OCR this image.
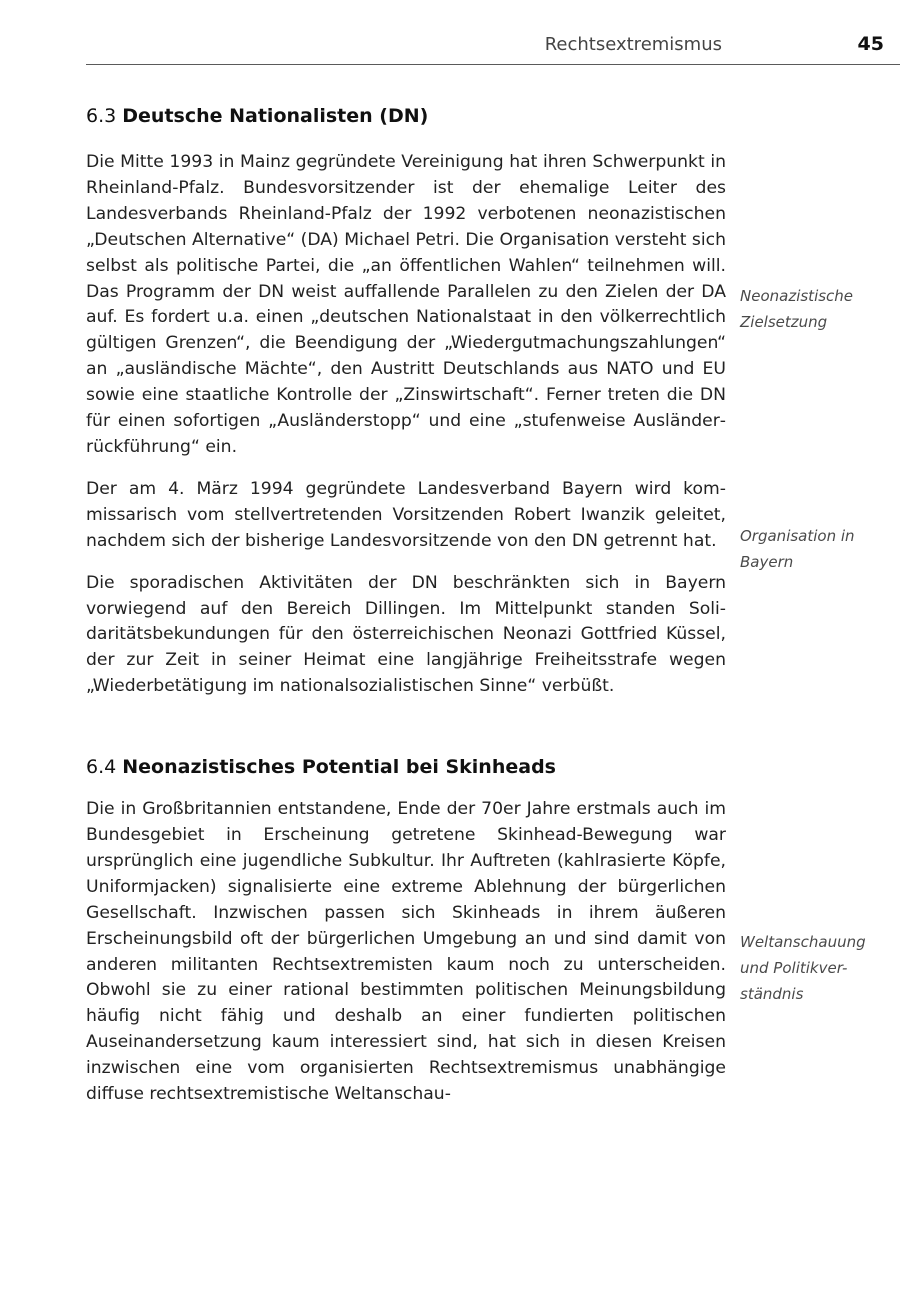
Rechtsextremismus	45
6.3 Deutsche Nationalisten (DN)

Die Mitte 1993 in Mainz gegründete Vereinigung hat ihren Schwerpunkt in Rheinland-Pfalz. Bundesvorsitzender ist der ehemalige Leiter des Landesverbands Rheinland-Pfalz der 1992 verbotenen neonazistischen „Deutschen Alternative“ (DA) Michael Petri. Die Organisation versteht sich selbst als politische Partei, die „an öffentlichen Wahlen“ teilnehmen will. Das Programm der DN weist auffallende Parallelen zu den Zielen der DA auf. Es fordert u.a. einen „deutschen Nationalstaat in den völkerrechtlich gültigen Grenzen“, die Beendigung der „Wiedergutmachungszahlungen“ an „ausländische Mächte“, den Austritt Deutschlands aus NATO und EU sowie eine staatliche Kontrolle der „Zinswirtschaft“. Ferner treten die DN für einen sofortigen „Ausländerstopp“ und eine „stufenweise Ausländerrückführung“ ein.

Der am 4. März 1994 gegründete Landesverband Bayern wird kommissarisch vom stellvertretenden Vorsitzenden Robert Iwanzik geleitet, nachdem sich der bisherige Landesvorsitzende von den DN getrennt hat.

Die sporadischen Aktivitäten der DN beschränkten sich in Bayern vorwiegend auf den Bereich Dillingen. Im Mittelpunkt standen Solidaritätsbekundungen für den österreichischen Neonazi Gottfried Küssel, der zur Zeit in seiner Heimat eine langjährige Freiheitsstrafe wegen „Wiederbetätigung im nationalsozialistischen Sinne“ verbüßt.

6.4 Neonazistisches Potential bei Skinheads

Die in Großbritannien entstandene, Ende der 70er Jahre erstmals auch im Bundesgebiet in Erscheinung getretene Skinhead-Bewegung war ursprünglich eine jugendliche Subkultur. Ihr Auftreten (kahlrasierte Köpfe, Uniformjacken) signalisierte eine extreme Ablehnung der bürgerlichen Gesellschaft. Inzwischen passen sich Skinheads in ihrem äußeren Erscheinungsbild oft der bürgerlichen Umgebung an und sind damit von anderen militanten Rechtsextremisten kaum noch zu unterscheiden. Obwohl sie zu einer rational bestimmten politischen Meinungsbildung häufig nicht fähig und deshalb an einer fundierten politischen Auseinandersetzung kaum interessiert sind, hat sich in diesen Kreisen inzwischen eine vom organisierten Rechtsextremismus unabhängige diffuse rechtsextremistische Weltanschau-

Neonazistische
Zielsetzung
Organisation in
Bayern
Weltanschauung
und Politikver-
ständnis
